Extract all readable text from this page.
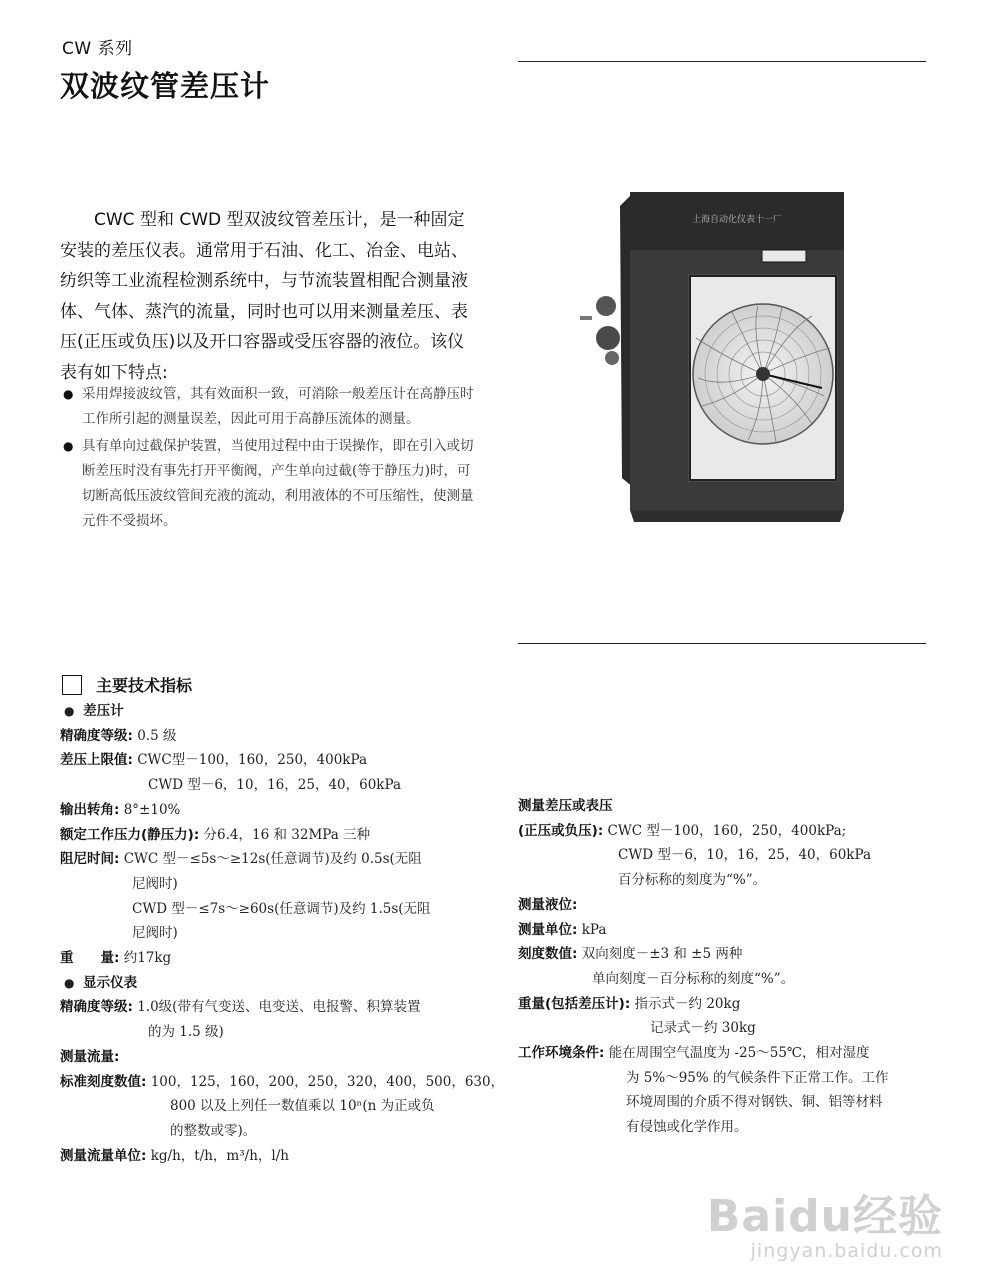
CW 系列
双波纹管差压计

CWC 型和 CWD 型双波纹管差压计，是一种固定安装的差压仪表。通常用于石油、化工、冶金、电站、纺织等工业流程检测系统中，与节流装置相配合测量液体、气体、蒸汽的流量，同时也可以用来测量差压、表压(正压或负压)以及开口容器或受压容器的液位。该仪表有如下特点:

● 采用焊接波纹管，其有效面积一致，可消除一般差压计在高静压时工作所引起的测量误差，因此可用于高静压流体的测量。
● 具有单向过截保护装置，当使用过程中由于误操作，即在引入或切断差压时没有事先打开平衡阀，产生单向过截(等于静压力)时，可切断高低压波纹管间充液的流动，利用液体的不可压缩性，使测量元件不受损坏。
上海自动化仪表十一厂
主要技术指标
● 差压计
精确度等级: 0.5 级
差压上限值: CWC型－100，160，250，400kPa
CWD 型－6，10，16，25，40，60kPa
输出转角: 8°±10%
额定工作压力(静压力): 分6.4，16 和 32MPa 三种
阻尼时间: CWC 型－≤5s～≥12s(任意调节)及约 0.5s(无阻
尼阀时)
CWD 型－≤7s～≥60s(任意调节)及约 1.5s(无阻
尼阀时)
重　　量: 约17kg
● 显示仪表
精确度等级: 1.0级(带有气变送、电变送、电报警、积算装置
的为 1.5 级)
测量流量:
标准刻度数值: 100，125，160，200，250，320，400，500，630，
800 以及上列任一数值乘以 10ⁿ(n 为正或负
的整数或零)。
测量流量单位: kg/h，t/h，m³/h，l/h
测量差压或表压
(正压或负压): CWC 型－100，160，250，400kPa;
CWD 型－6，10，16，25，40，60kPa
百分标称的刻度为“%”。
测量液位:
测量单位: kPa
刻度数值: 双向刻度－±3 和 ±5 两种
单向刻度－百分标称的刻度“%”。
重量(包括差压计): 指示式－约 20kg
记录式－约 30kg
工作环境条件: 能在周围空气温度为 -25～55℃，相对湿度
为 5%～95% 的气候条件下正常工作。工作
环境周围的介质不得对钢铁、铜、铝等材料
有侵蚀或化学作用。
Baidu经验
jingyan.baidu.com
